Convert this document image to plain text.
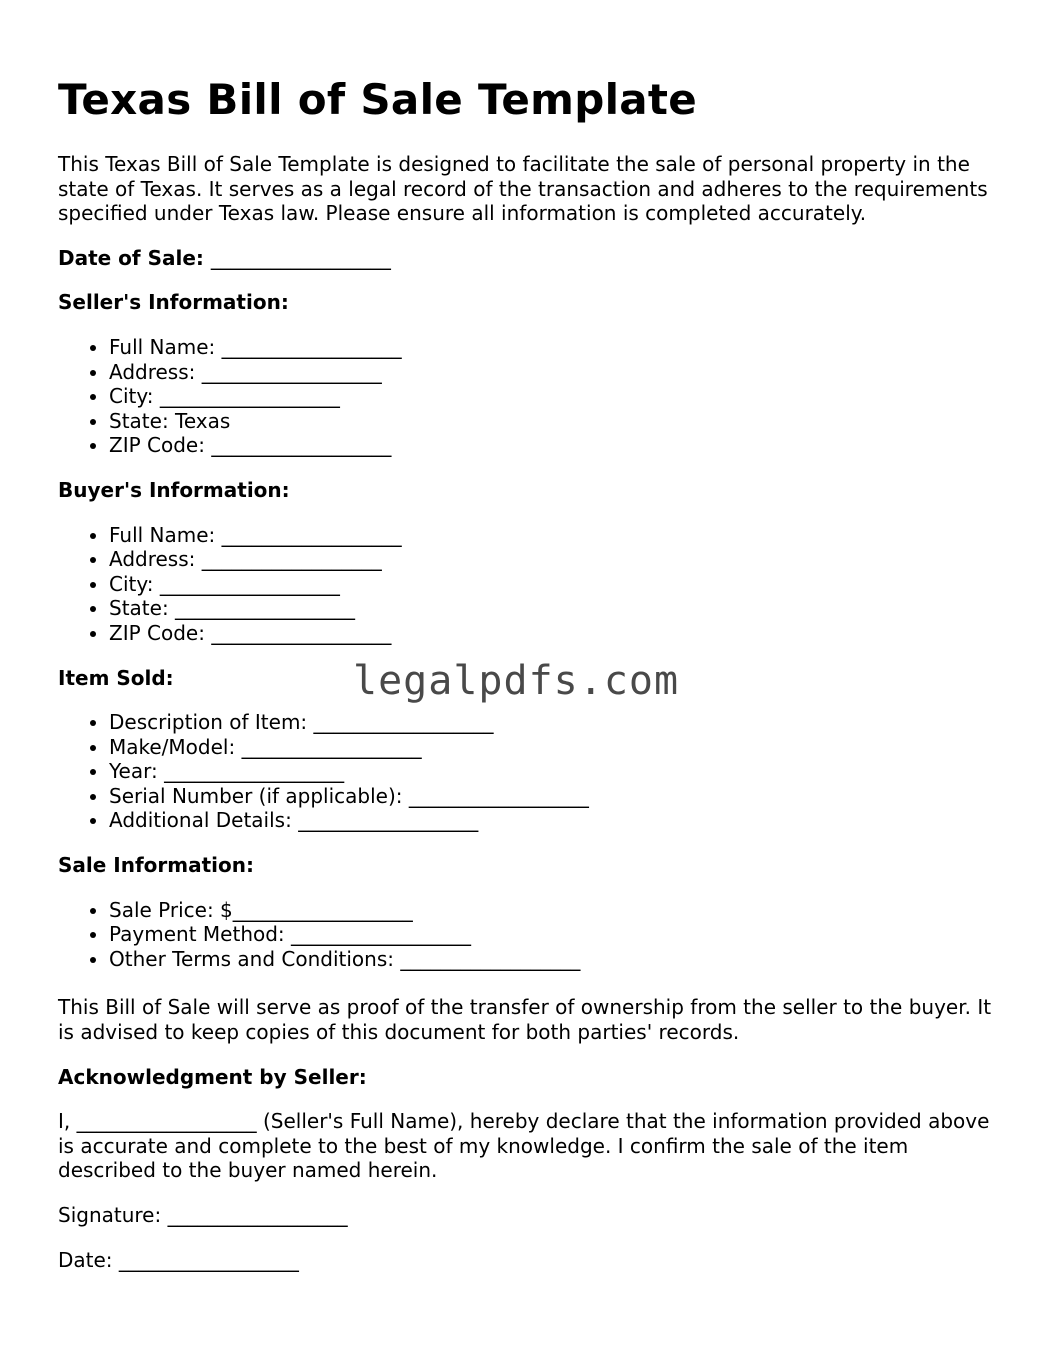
Texas Bill of Sale Template

This Texas Bill of Sale Template is designed to facilitate the sale of personal property in the state of Texas. It serves as a legal record of the transaction and adheres to the requirements specified under Texas law. Please ensure all information is completed accurately.

Date of Sale: __________________

Seller's Information:
• Full Name: __________________
• Address: __________________
• City: __________________
• State: Texas
• ZIP Code: __________________
Buyer's Information:
• Full Name: __________________
• Address: __________________
• City: __________________
• State: __________________
• ZIP Code: __________________
Item Sold:
• Description of Item: __________________
• Make/Model: __________________
• Year: __________________
• Serial Number (if applicable): __________________
• Additional Details: __________________
Sale Information:
• Sale Price: $__________________
• Payment Method: __________________
• Other Terms and Conditions: __________________

This Bill of Sale will serve as proof of the transfer of ownership from the seller to the buyer. It is advised to keep copies of this document for both parties' records.

Acknowledgment by Seller:

I, __________________ (Seller's Full Name), hereby declare that the information provided above is accurate and complete to the best of my knowledge. I confirm the sale of the item described to the buyer named herein.

Signature: __________________

Date: __________________

legalpdfs.com
